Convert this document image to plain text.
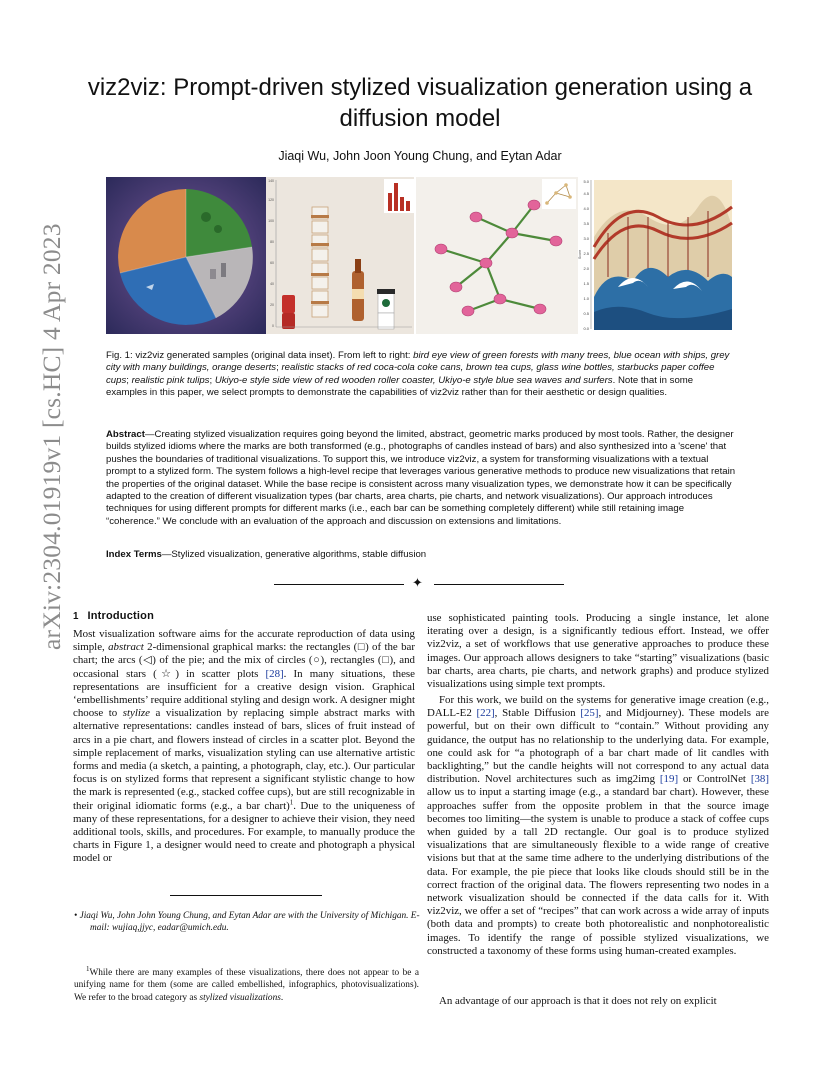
arXiv:2304.01919v1 [cs.HC] 4 Apr 2023
viz2viz: Prompt-driven stylized visualization generation using a diffusion model
Jiaqi Wu, John Joon Young Chung, and Eytan Adar
0
20
40
60
80
100
120
140
0.0
0.5
1.0
1.5
2.0
2.5
3.0
3.5
4.0
4.5
5.0
Score

Fig. 1: viz2viz generated samples (original data inset). From left to right: bird eye view of green forests with many trees, blue ocean with ships, grey city with many buildings, orange deserts; realistic stacks of red coca-cola coke cans, brown tea cups, glass wine bottles, starbucks paper coffee cups; realistic pink tulips; Ukiyo-e style side view of red wooden roller coaster, Ukiyo-e style blue sea waves and surfers. Note that in some examples in this paper, we select prompts to demonstrate the capabilities of viz2viz rather than for their aesthetic or design qualities.

Abstract—Creating stylized visualization requires going beyond the limited, abstract, geometric marks produced by most tools. Rather, the designer builds stylized idioms where the marks are both transformed (e.g., photographs of candles instead of bars) and also synthesized into a 'scene' that pushes the boundaries of traditional visualizations. To support this, we introduce viz2viz, a system for transforming visualizations with a textual prompt to a stylized form. The system follows a high-level recipe that leverages various generative methods to produce new visualizations that retain the properties of the original dataset. While the base recipe is consistent across many visualization types, we demonstrate how it can be specifically adapted to the creation of different visualization types (bar charts, area charts, pie charts, and network visualizations). Our approach introduces techniques for using different prompts for different marks (i.e., each bar can be something completely different) while still retaining image “coherence.” We conclude with an evaluation of the approach and discussion on extensions and limitations.

Index Terms—Stylized visualization, generative algorithms, stable diffusion

✦
1 Introduction

Most visualization software aims for the accurate reproduction of data using simple, abstract 2-dimensional graphical marks: the rectangles (□) of the bar chart; the arcs (◁) of the pie; and the mix of circles (○), rectangles (□), and occasional stars (☆) in scatter plots [28]. In many situations, these representations are insufficient for a creative design vision. Graphical ‘embellishments’ require additional styling and design work. A designer might choose to stylize a visualization by replacing simple abstract marks with alternative representations: candles instead of bars, slices of fruit instead of arcs in a pie chart, and flowers instead of circles in a scatter plot. Beyond the simple replacement of marks, visualization styling can use alternative artistic forms and media (a sketch, a painting, a photograph, clay, etc.). Our particular focus is on stylized forms that represent a significant stylistic change to how the mark is represented (e.g., stacked coffee cups), but are still recognizable in their original idiomatic forms (e.g., a bar chart)$^1$. Due to the uniqueness of many of these representations, for a designer to achieve their vision, they need additional tools, skills, and procedures. For example, to manually produce the charts in Figure 1, a designer would need to create and photograph a physical model or

• Jiaqi Wu, John John Young Chung, and Eytan Adar are with the University of Michigan. E-mail: wujiaq,jjyc, eadar@umich.edu.

$^1$While there are many examples of these visualizations, there does not appear to be a unifying name for them (some are called embellished, infographics, photovisualizations). We refer to the broad category as stylized visualizations.

use sophisticated painting tools. Producing a single instance, let alone iterating over a design, is a significantly tedious effort. Instead, we offer viz2viz, a set of workflows that use generative approaches to produce these images. Our approach allows designers to take “starting” visualizations (basic bar charts, area charts, pie charts, and network graphs) and produce stylized visualizations using simple text prompts.

For this work, we build on the systems for generative image creation (e.g., DALL-E2 [22], Stable Diffusion [25], and Midjourney). These models are powerful, but on their own difficult to “contain.” Without providing any guidance, the output has no relationship to the underlying data. For example, one could ask for “a photograph of a bar chart made of lit candles with backlighting,” but the candle heights will not correspond to any actual data distribution. Novel architectures such as img2img [19] or ControlNet [38] allow us to input a starting image (e.g., a standard bar chart). However, these approaches suffer from the opposite problem in that the source image becomes too limiting—the system is unable to produce a stack of coffee cups when guided by a tall 2D rectangle. Our goal is to produce stylized visualizations that are simultaneously flexible to a wide range of creative visions but that at the same time adhere to the underlying distributions of the data. For example, the pie piece that looks like clouds should still be in the correct fraction of the original data. The flowers representing two nodes in a network visualization should be connected if the data calls for it. With viz2viz, we offer a set of “recipes” that can work across a wide array of inputs (both data and prompts) to create both photorealistic and nonphotorealistic images. To identify the range of possible stylized visualizations, we constructed a taxonomy of these forms using human-created examples.

An advantage of our approach is that it does not rely on explicit
